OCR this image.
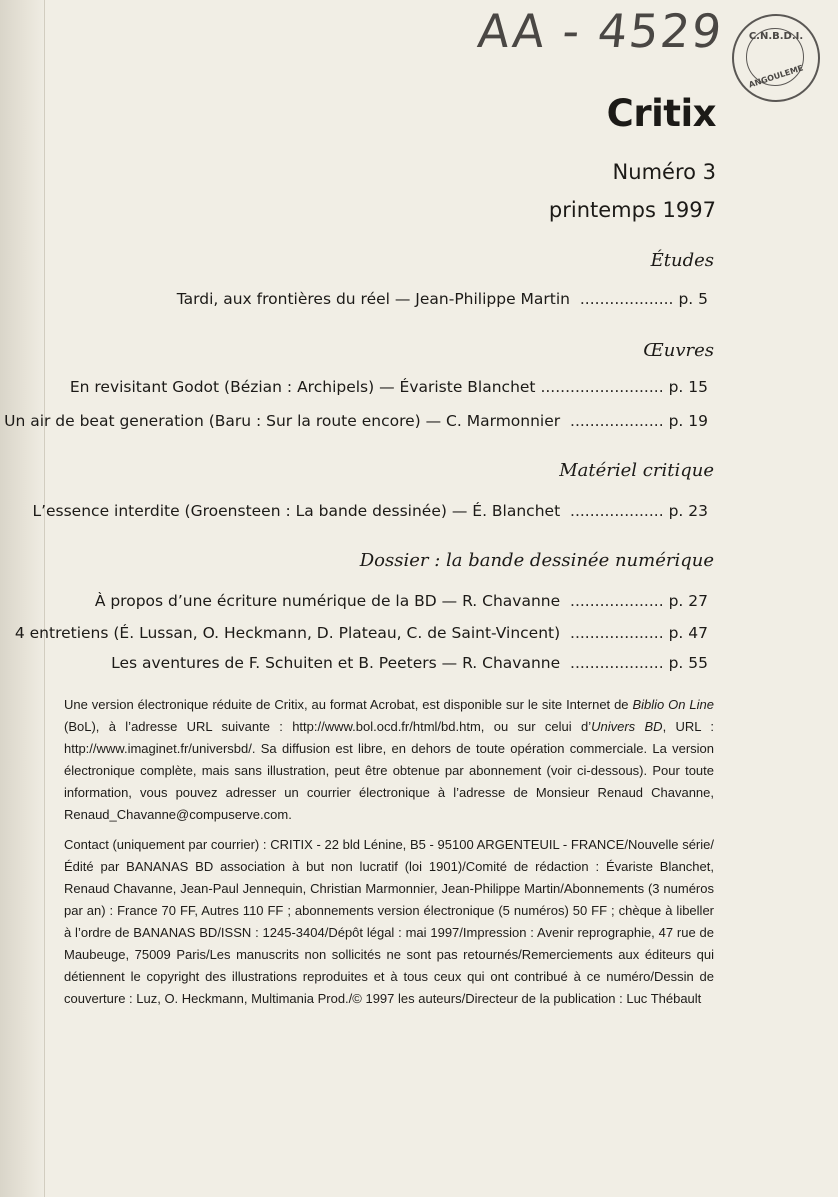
AA - 4529	C.N.B.D.I.
ANGOULEME
Critix
Numéro 3
printemps 1997
Études
Tardi, aux frontières du réel — Jean-Philippe Martin ................... p. 5
Œuvres
En revisitant Godot (Bézian : Archipels) — Évariste Blanchet ......................... p. 15
Un air de beat generation (Baru : Sur la route encore) — C. Marmonnier ................... p. 19
Matériel critique
L’essence interdite (Groensteen : La bande dessinée) — É. Blanchet ................... p. 23
Dossier : la bande dessinée numérique
À propos d’une écriture numérique de la BD — R. Chavanne ................... p. 27
4 entretiens (É. Lussan, O. Heckmann, D. Plateau, C. de Saint-Vincent) ................... p. 47
Les aventures de F. Schuiten et B. Peeters — R. Chavanne ................... p. 55
Une version électronique réduite de Critix, au format Acrobat, est disponible sur le site Internet de Biblio On Line (BoL), à l’adresse URL suivante : http://www.bol.ocd.fr/html/bd.htm, ou sur celui d’Univers BD, URL : http://www.imaginet.fr/universbd/. Sa diffusion est libre, en dehors de toute opération commerciale. La version électronique complète, mais sans illustration, peut être obtenue par abonnement (voir ci-dessous). Pour toute information, vous pouvez adresser un courrier électronique à l’adresse de Monsieur Renaud Chavanne, Renaud_Chavanne@compuserve.com.
Contact (uniquement par courrier) : CRITIX - 22 bld Lénine, B5 - 95100 ARGENTEUIL - FRANCE/Nouvelle série/Édité par BANANAS BD association à but non lucratif (loi 1901)/Comité de rédaction : Évariste Blanchet, Renaud Chavanne, Jean-Paul Jennequin, Christian Marmonnier, Jean-Philippe Martin/Abonnements (3 numéros par an) : France 70 FF, Autres 110 FF ; abonnements version électronique (5 numéros) 50 FF ; chèque à libeller à l’ordre de BANANAS BD/ISSN : 1245-3404/Dépôt légal : mai 1997/Impression : Avenir reprographie, 47 rue de Maubeuge, 75009 Paris/Les manuscrits non sollicités ne sont pas retournés/Remerciements aux éditeurs qui détiennent le copyright des illustrations reproduites et à tous ceux qui ont contribué à ce numéro/Dessin de couverture : Luz, O. Heckmann, Multimania Prod./© 1997 les auteurs/Directeur de la publication : Luc Thébault
